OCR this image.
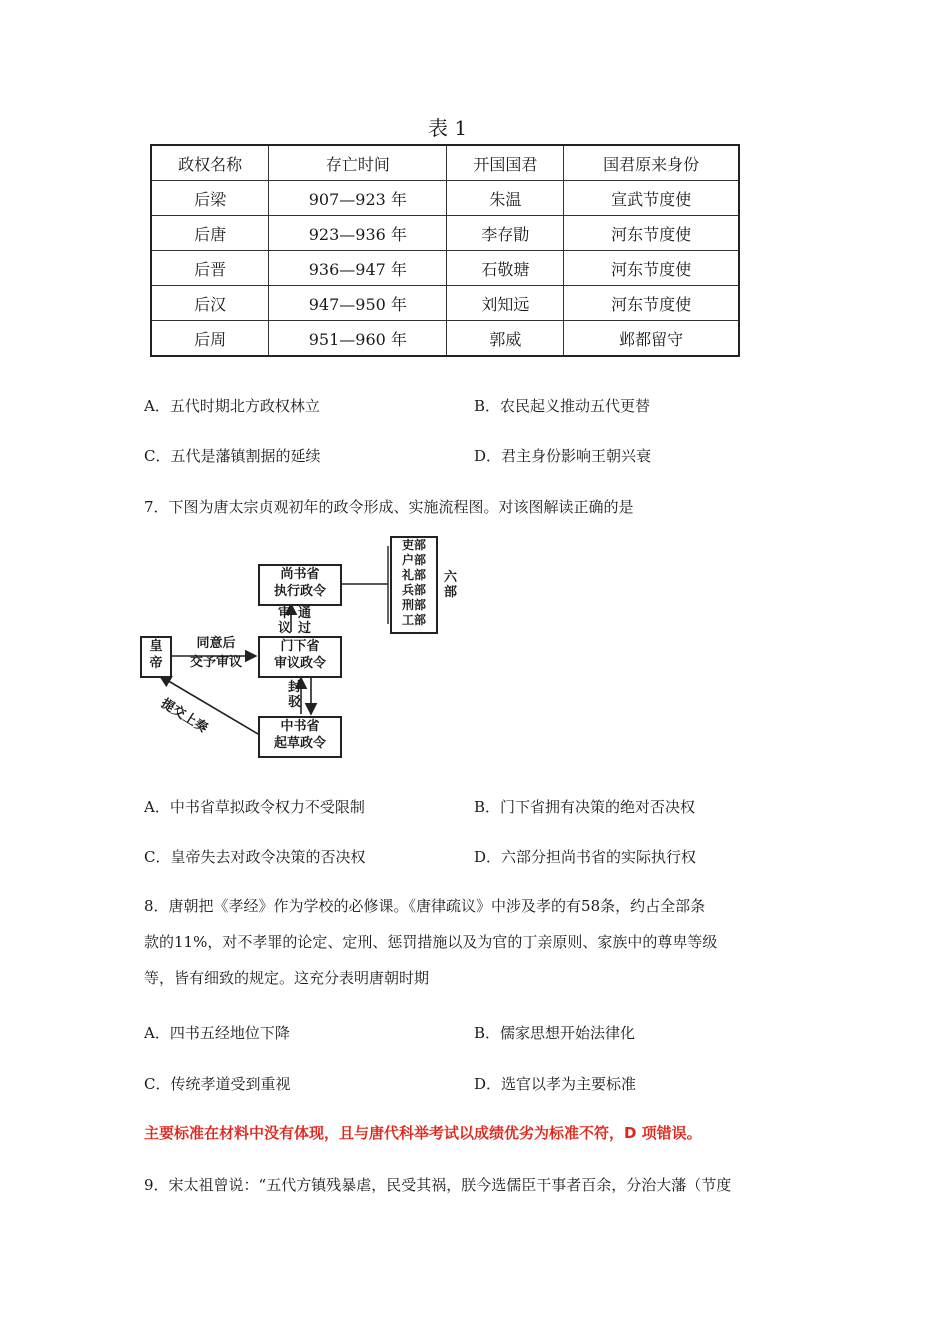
表 1
政权名称	存亡时间	开国国君	国君原来身份
后梁	907—923 年	朱温	宣武节度使
后唐	923—936 年	李存勖	河东节度使
后晋	936—947 年	石敬瑭	河东节度使
后汉	947—950 年	刘知远	河东节度使
后周	951—960 年	郭威	邺都留守
A．五代时期北方政权林立	B．农民起义推动五代更替
C．五代是藩镇割据的延续	D．君主身份影响王朝兴衰
7．下图为唐太宗贞观初年的政令形成、实施流程图。对该图解读正确的是
皇
帝
同意后
交予审议
尚书省
执行政令
审
议
通
过
门下省
审议政令
封
驳
中书省
起草政令
提交上奏
吏部
户部
礼部
兵部
刑部
工部
六
部
A．中书省草拟政令权力不受限制	B．门下省拥有决策的绝对否决权
C．皇帝失去对政令决策的否决权	D．六部分担尚书省的实际执行权
8．唐朝把《孝经》作为学校的必修课。《唐律疏议》中涉及孝的有58条，约占全部条
款的11%，对不孝罪的论定、定刑、惩罚措施以及为官的丁亲原则、家族中的尊卑等级
等，皆有细致的规定。这充分表明唐朝时期
A．四书五经地位下降	B．儒家思想开始法律化
C．传统孝道受到重视	D．选官以孝为主要标准
主要标准在材料中没有体现，且与唐代科举考试以成绩优劣为标准不符，D 项错误。
9．宋太祖曾说：“五代方镇残暴虐，民受其祸，朕今选儒臣干事者百余，分治大藩（节度
